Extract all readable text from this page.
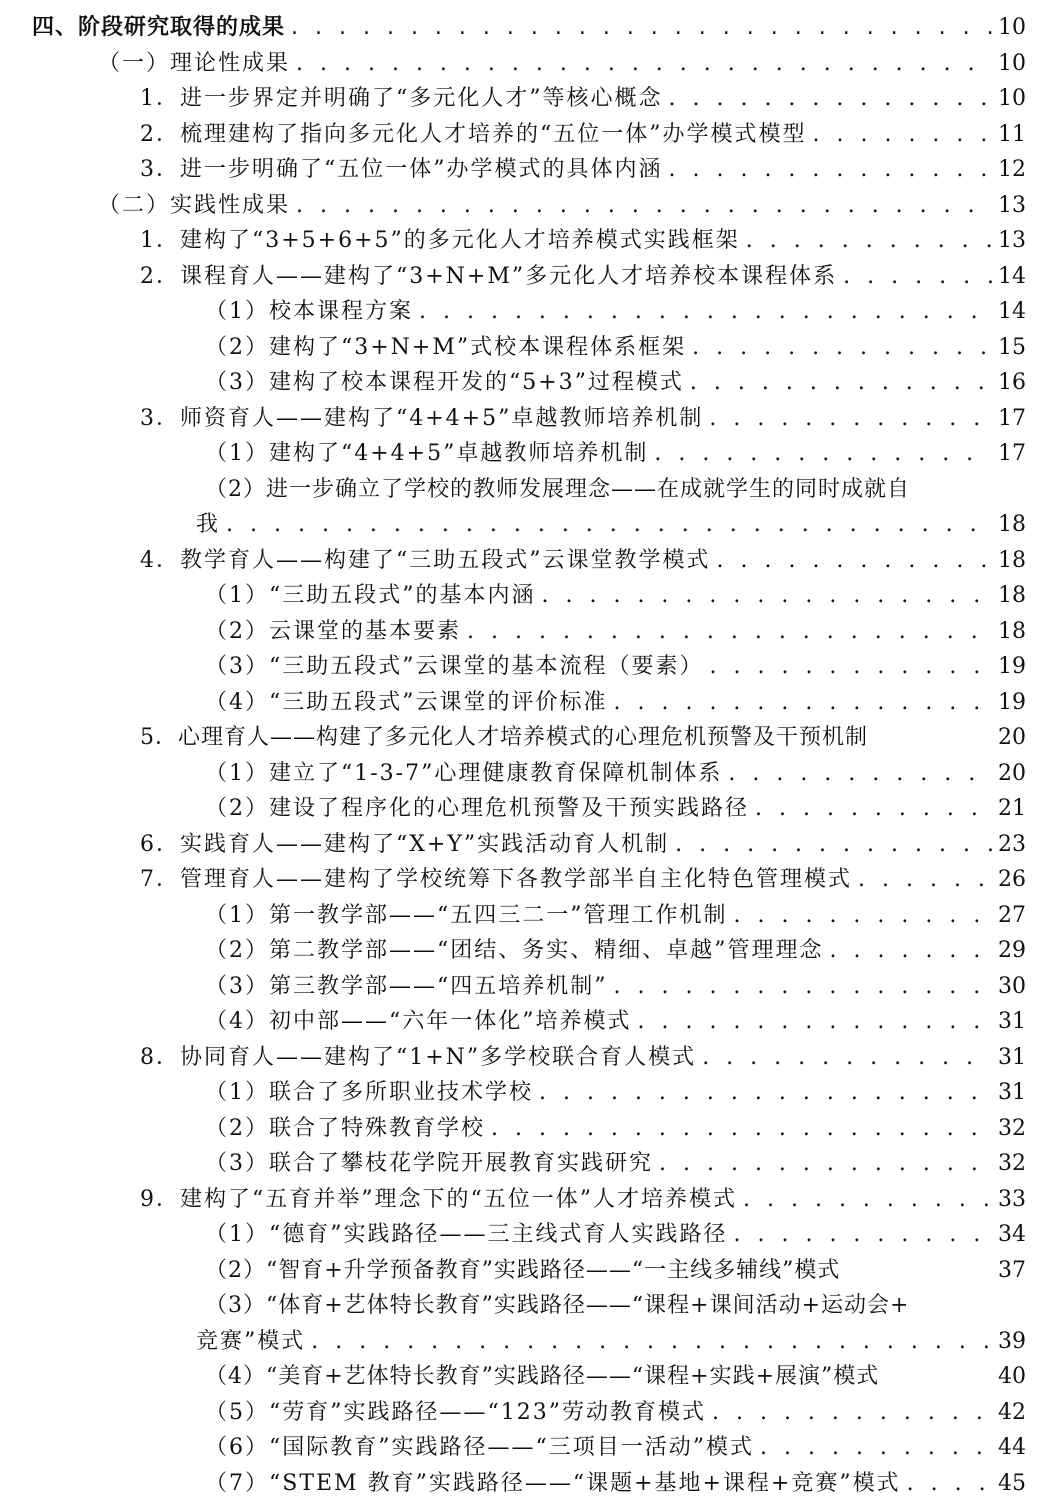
四、阶段研究取得的成果 . . .	10
（一）理论性成果 . . .	10
1．进一步界定并明确了“多元化人才”等核心概念 . . .	10
2．梳理建构了指向多元化人才培养的“五位一体”办学模式模型 . . .	11
3．进一步明确了“五位一体”办学模式的具体内涵 . . .	12
（二）实践性成果 . . .	13
1．建构了“3+5+6+5”的多元化人才培养模式实践框架 . . .	13
2．课程育人——建构了“3+N+M”多元化人才培养校本课程体系 . . .	14
（1）校本课程方案 . . .	14
（2）建构了“3+N+M”式校本课程体系框架 . . .	15
（3）建构了校本课程开发的“5+3”过程模式 . . .	16
3．师资育人——建构了“4+4+5”卓越教师培养机制 . . .	17
（1）建构了“4+4+5”卓越教师培养机制 . . .	17
（2）进一步确立了学校的教师发展理念——在成就学生的同时成就自
我 . . .	18
4．教学育人——构建了“三助五段式”云课堂教学模式 . . .	18
（1）“三助五段式”的基本内涵 . . .	18
（2）云课堂的基本要素 . . .	18
（3）“三助五段式”云课堂的基本流程（要素） . . .	19
（4）“三助五段式”云课堂的评价标准 . . .	19
5．心理育人——构建了多元化人才培养模式的心理危机预警及干预机制	20
（1）建立了“1-3-7”心理健康教育保障机制体系 . . .	20
（2）建设了程序化的心理危机预警及干预实践路径 . . .	21
6．实践育人——建构了“X+Y”实践活动育人机制 . . .	23
7．管理育人——建构了学校统筹下各教学部半自主化特色管理模式 . . .	26
（1）第一教学部——“五四三二一”管理工作机制 . . .	27
（2）第二教学部——“团结、务实、精细、卓越”管理理念 . . .	29
（3）第三教学部——“四五培养机制” . . .	30
（4）初中部——“六年一体化”培养模式 . . .	31
8．协同育人——建构了“1+N”多学校联合育人模式 . . .	31
（1）联合了多所职业技术学校 . . .	31
（2）联合了特殊教育学校 . . .	32
（3）联合了攀枝花学院开展教育实践研究 . . .	32
9．建构了“五育并举”理念下的“五位一体”人才培养模式 . . .	33
（1）“德育”实践路径——三主线式育人实践路径 . . .	34
（2）“智育+升学预备教育”实践路径——“一主线多辅线”模式	37
（3）“体育+艺体特长教育”实践路径——“课程+课间活动+运动会+
竞赛”模式 . . .	39
（4）“美育+艺体特长教育”实践路径——“课程+实践+展演”模式	40
（5）“劳育”实践路径——“123”劳动教育模式 . . .	42
（6）“国际教育”实践路径——“三项目一活动”模式 . . .	44
（7）“STEM 教育”实践路径——“课题+基地+课程+竞赛”模式 . . .	45
